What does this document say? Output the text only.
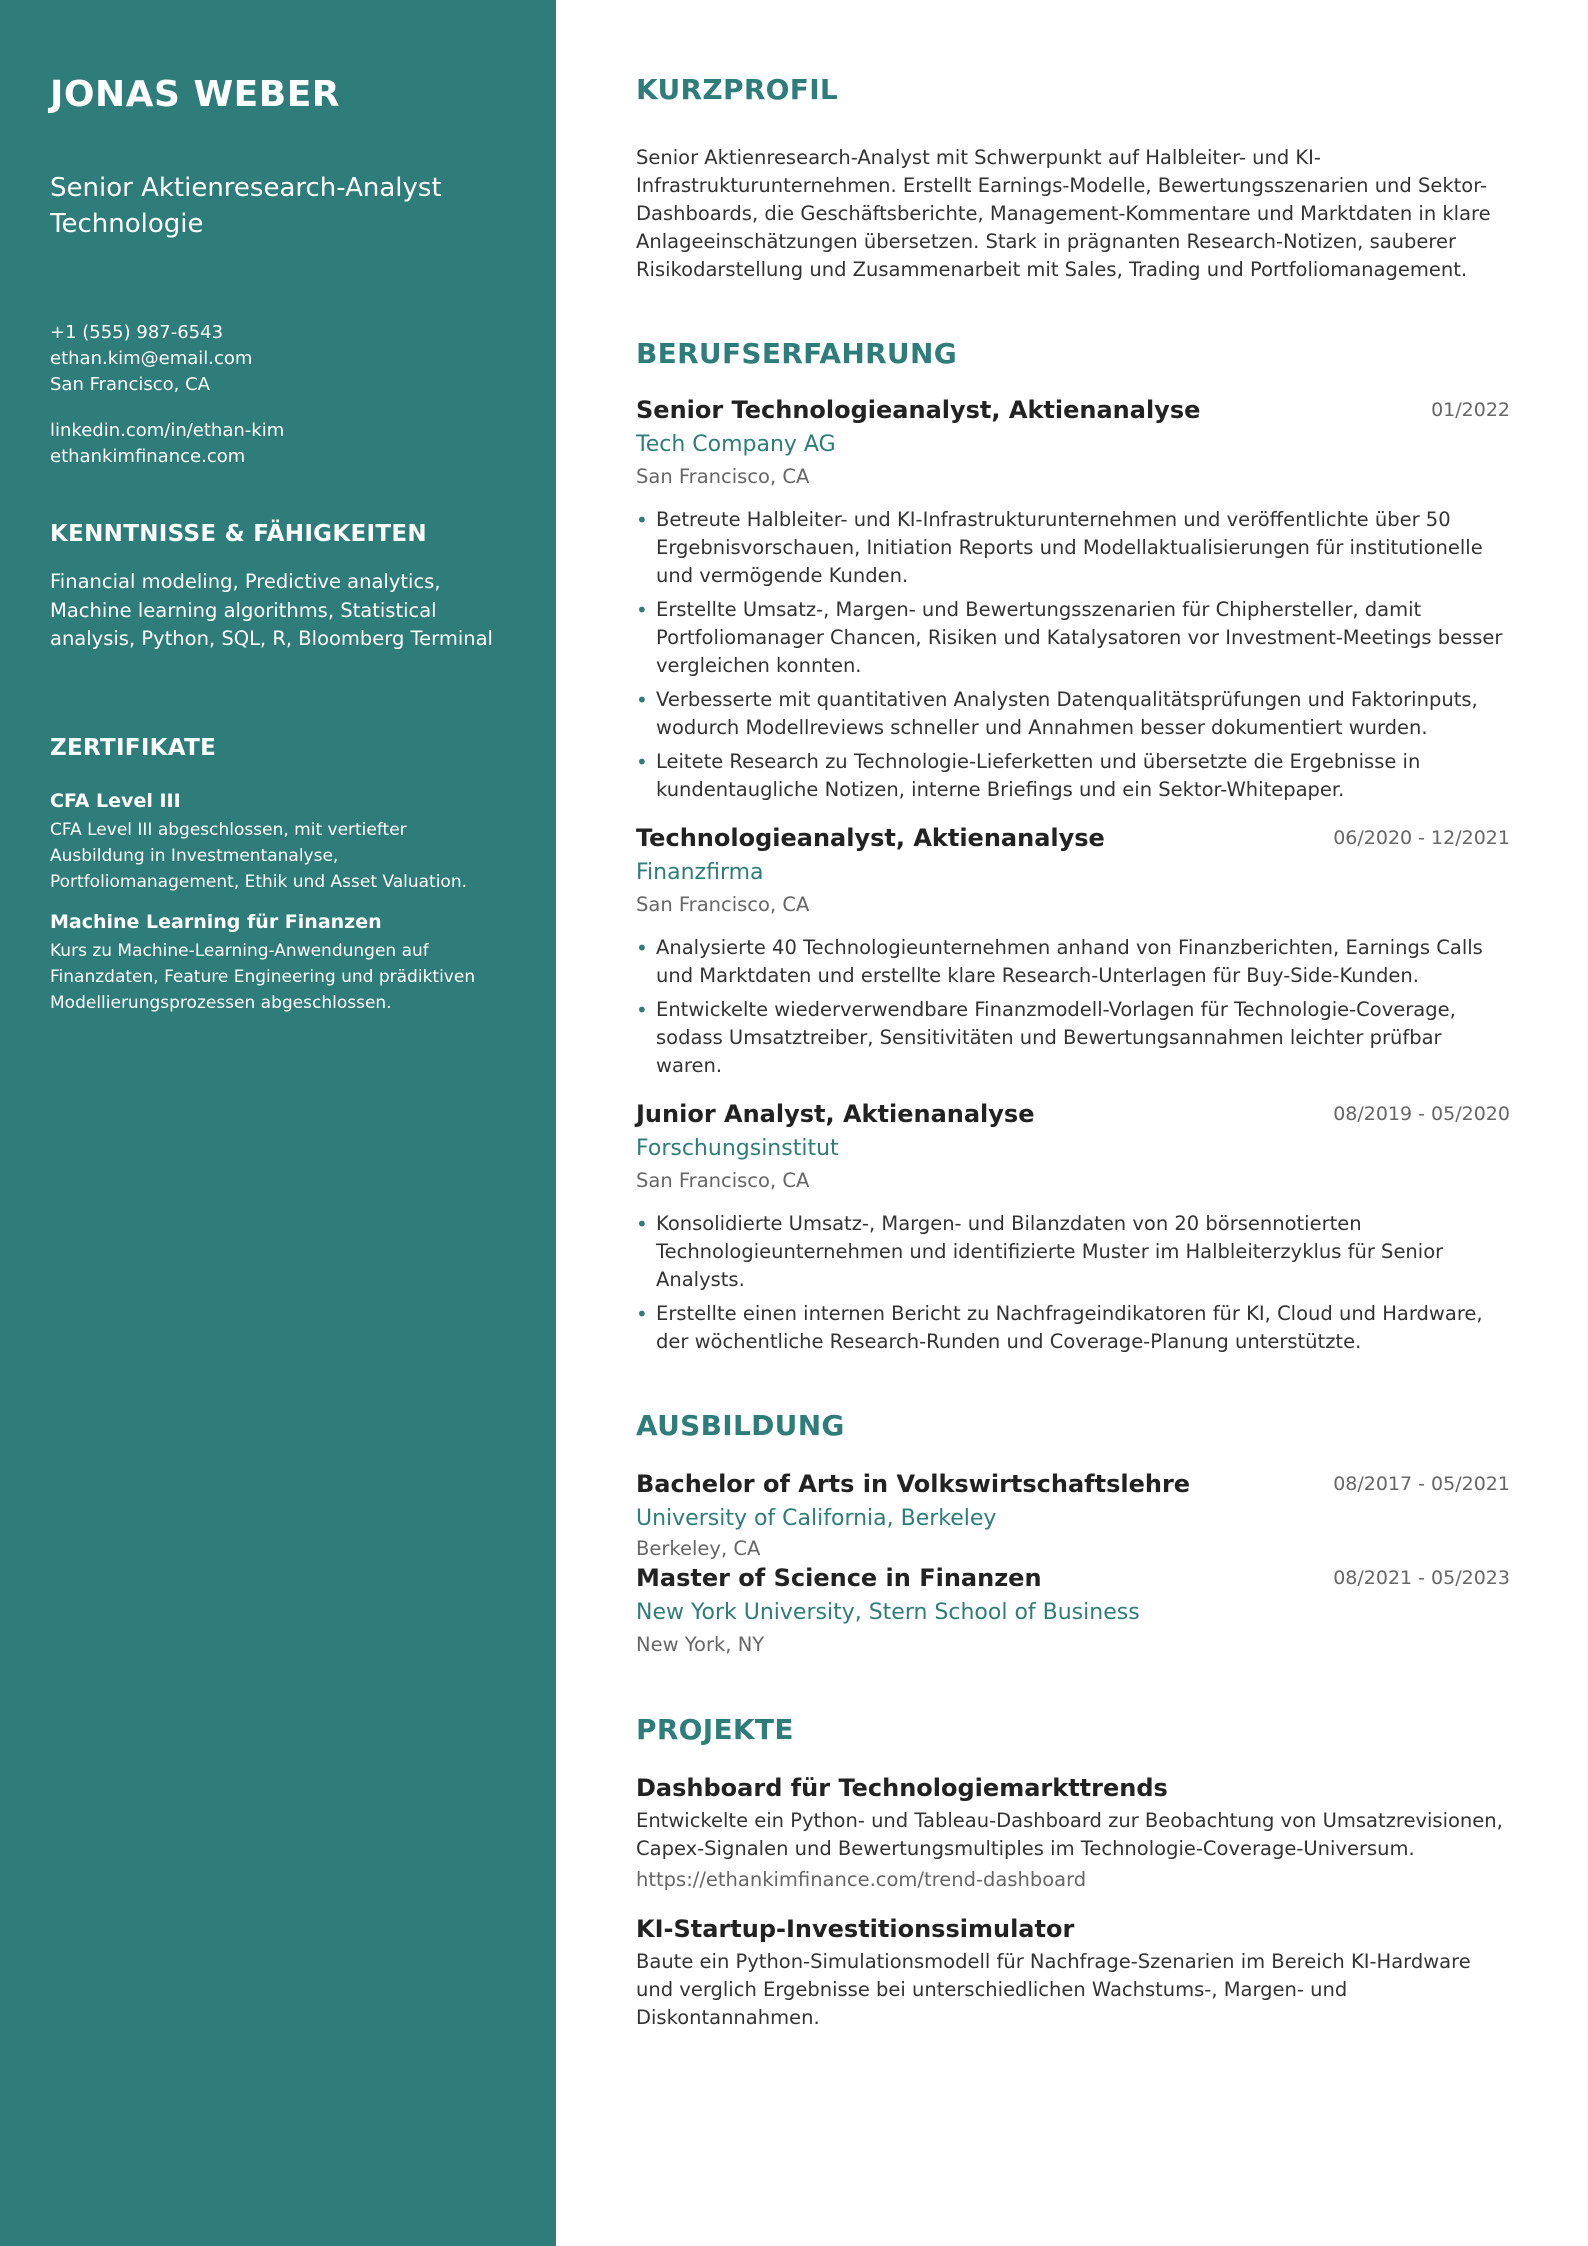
JONAS WEBER
Senior Aktienresearch-Analyst
Technologie
+1 (555) 987-6543
ethan.kim@email.com
San Francisco, CA
linkedin.com/in/ethan-kim
ethankimfinance.com
KENNTNISSE & FÄHIGKEITEN

Financial modeling, Predictive analytics, Machine learning algorithms, Statistical analysis, Python, SQL, R, Bloomberg Terminal

ZERTIFIKATE
CFA Level III
CFA Level III abgeschlossen, mit vertiefter Ausbildung in Investmentanalyse, Portfoliomanagement, Ethik und Asset Valuation.
Machine Learning für Finanzen
Kurs zu Machine-Learning-Anwendungen auf Finanzdaten, Feature Engineering und prädiktiven Modellierungsprozessen abgeschlossen.
KURZPROFIL

Senior Aktienresearch-Analyst mit Schwerpunkt auf Halbleiter- und KI-Infrastrukturunternehmen. Erstellt Earnings-Modelle, Bewertungsszenarien und Sektor-Dashboards, die Geschäftsberichte, Management-Kommentare und Marktdaten in klare Anlageeinschätzungen übersetzen. Stark in prägnanten Research-Notizen, sauberer Risikodarstellung und Zusammenarbeit mit Sales, Trading und Portfoliomanagement.

BERUFSERFAHRUNG
Senior Technologieanalyst, Aktienanalyse	01/2022
Tech Company AG
San Francisco, CA
• Betreute Halbleiter- und KI-Infrastrukturunternehmen und veröffentlichte über 50 Ergebnisvorschauen, Initiation Reports und Modellaktualisierungen für institutionelle und vermögende Kunden.
• Erstellte Umsatz-, Margen- und Bewertungsszenarien für Chiphersteller, damit Portfoliomanager Chancen, Risiken und Katalysatoren vor Investment-Meetings besser vergleichen konnten.
• Verbesserte mit quantitativen Analysten Datenqualitätsprüfungen und Faktorinputs, wodurch Modellreviews schneller und Annahmen besser dokumentiert wurden.
• Leitete Research zu Technologie-Lieferketten und übersetzte die Ergebnisse in kundentaugliche Notizen, interne Briefings und ein Sektor-Whitepaper.
Technologieanalyst, Aktienanalyse	06/2020 - 12/2021
Finanzfirma
San Francisco, CA
• Analysierte 40 Technologieunternehmen anhand von Finanzberichten, Earnings Calls und Marktdaten und erstellte klare Research-Unterlagen für Buy-Side-Kunden.
• Entwickelte wiederverwendbare Finanzmodell-Vorlagen für Technologie-Coverage, sodass Umsatztreiber, Sensitivitäten und Bewertungsannahmen leichter prüfbar waren.
Junior Analyst, Aktienanalyse	08/2019 - 05/2020
Forschungsinstitut
San Francisco, CA
• Konsolidierte Umsatz-, Margen- und Bilanzdaten von 20 börsennotierten Technologieunternehmen und identifizierte Muster im Halbleiterzyklus für Senior Analysts.
• Erstellte einen internen Bericht zu Nachfrageindikatoren für KI, Cloud und Hardware, der wöchentliche Research-Runden und Coverage-Planung unterstützte.
AUSBILDUNG
Bachelor of Arts in Volkswirtschaftslehre	08/2017 - 05/2021
University of California, Berkeley
Berkeley, CA
Master of Science in Finanzen	08/2021 - 05/2023
New York University, Stern School of Business
New York, NY
PROJEKTE
Dashboard für Technologiemarkttrends
Entwickelte ein Python- und Tableau-Dashboard zur Beobachtung von Umsatzrevisionen, Capex-Signalen und Bewertungsmultiples im Technologie-Coverage-Universum.
https://ethankimfinance.com/trend-dashboard
KI-Startup-Investitionssimulator
Baute ein Python-Simulationsmodell für Nachfrage-Szenarien im Bereich KI-Hardware und verglich Ergebnisse bei unterschiedlichen Wachstums-, Margen- und Diskontannahmen.
